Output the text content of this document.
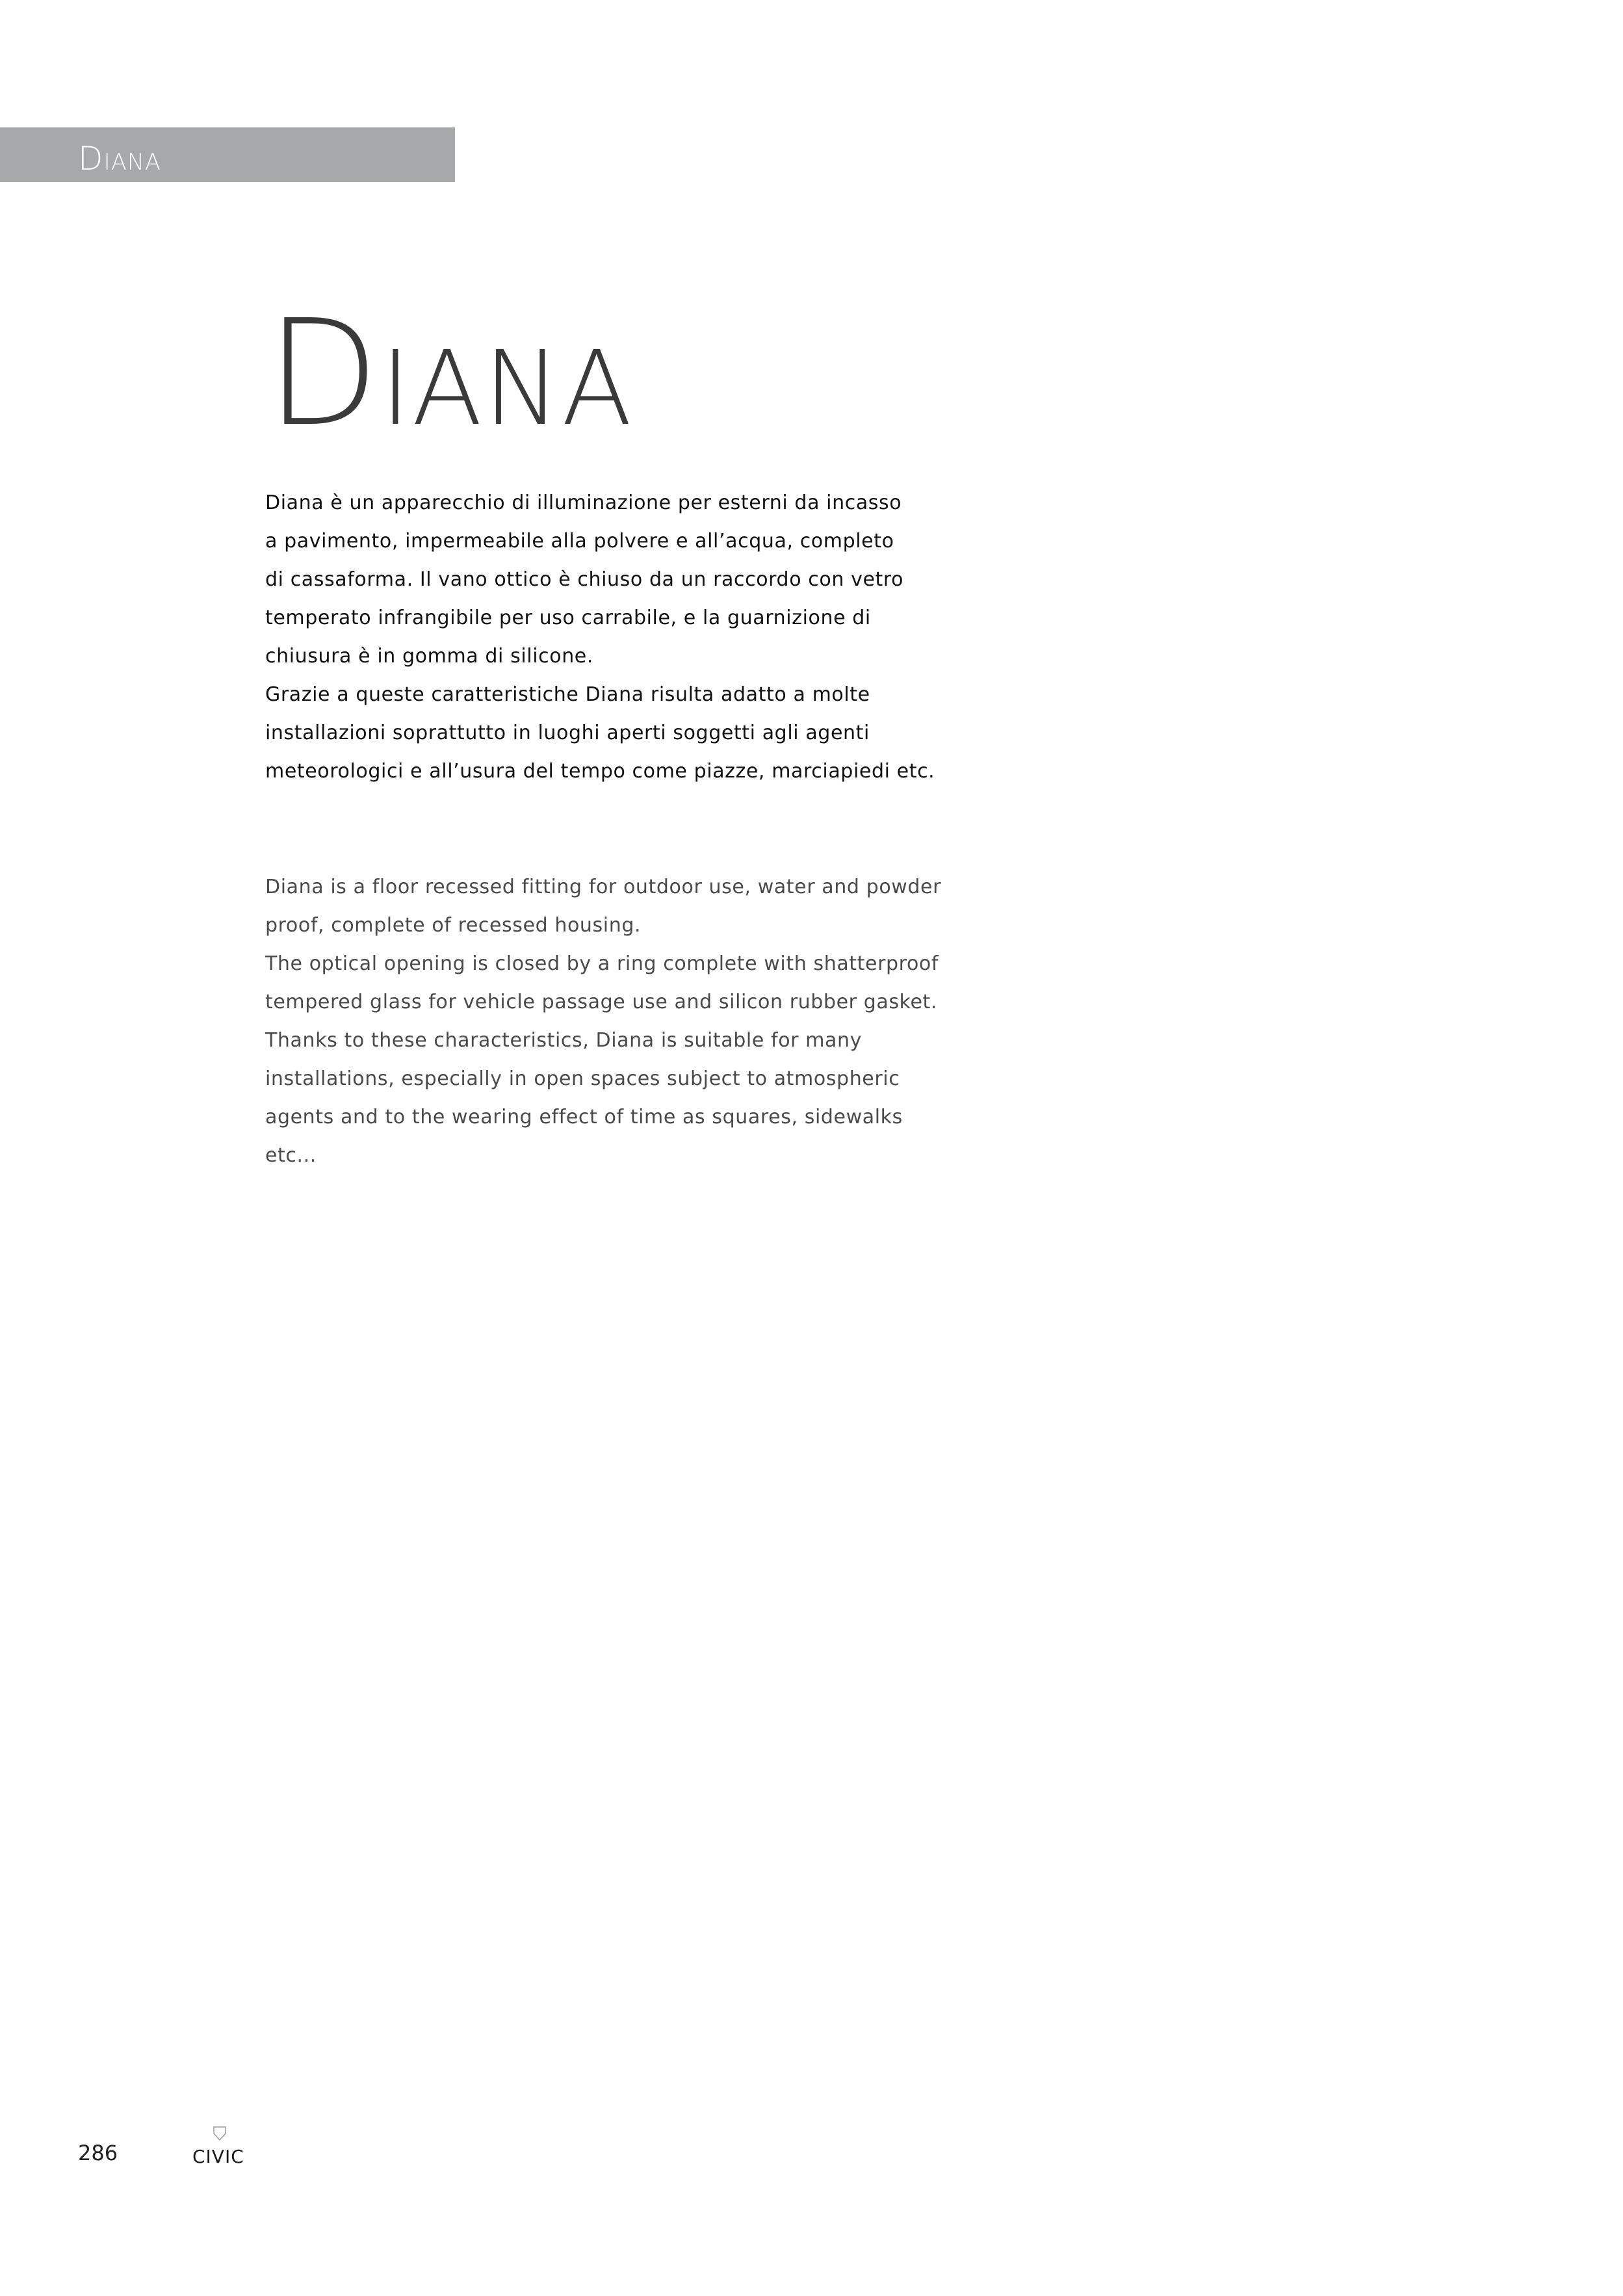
Diana
Diana
Diana è un apparecchio di illuminazione per esterni da incasso
a pavimento, impermeabile alla polvere e all’acqua, completo
di cassaforma. Il vano ottico è chiuso da un raccordo con vetro
temperato infrangibile per uso carrabile, e la guarnizione di
chiusura è in gomma di silicone.
Grazie a queste caratteristiche Diana risulta adatto a molte
installazioni soprattutto in luoghi aperti soggetti agli agenti
meteorologici e all’usura del tempo come piazze, marciapiedi etc.
Diana is a floor recessed fitting for outdoor use, water and powder
proof, complete of recessed housing.
The optical opening is closed by a ring complete with shatterproof
tempered glass for vehicle passage use and silicon rubber gasket.
Thanks to these characteristics, Diana is suitable for many
installations, especially in open spaces subject to atmospheric
agents and to the wearing effect of time as squares, sidewalks
etc...
286	civic
